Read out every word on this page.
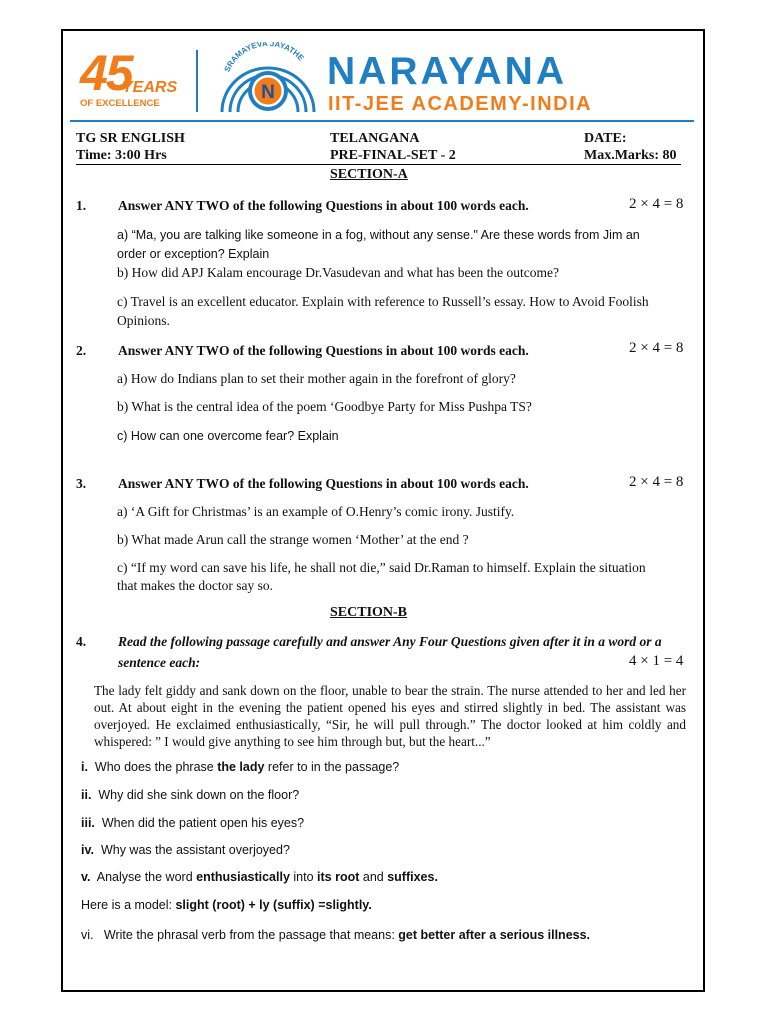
45
YEARS
OF EXCELLENCE
SRAMAYEVA JAYATHE
N NARAYANA
IIT-JEE ACADEMY-INDIA
TG SR ENGLISH
Time: 3:00 Hrs
TELANGANA
PRE-FINAL-SET - 2
DATE:
Max.Marks: 80
SECTION-A
1. Answer ANY TWO of the following Questions in about 100 words each.	2 × 4 = 8
a) “Ma, you are talking like someone in a fog, without any sense." Are these words from Jim an
order or exception? Explain
b) How did APJ Kalam encourage Dr.Vasudevan and what has been the outcome?
c) Travel is an excellent educator. Explain with reference to Russell’s essay. How to Avoid Foolish
Opinions.
2. Answer ANY TWO of the following Questions in about 100 words each.	2 × 4 = 8
a) How do Indians plan to set their mother again in the forefront of glory?
b) What is the central idea of the poem ‘Goodbye Party for Miss Pushpa TS?
c) How can one overcome fear? Explain
3. Answer ANY TWO of the following Questions in about 100 words each.	2 × 4 = 8
a) ‘A Gift for Christmas’ is an example of O.Henry’s comic irony. Justify.
b) What made Arun call the strange women ‘Mother’ at the end ?
c) “If my word can save his life, he shall not die,” said Dr.Raman to himself. Explain the situation
that makes the doctor say so.
SECTION-B
4. Read the following passage carefully and answer Any Four Questions given after it in a word or a
sentence each:	4 × 1 = 4
The lady felt giddy and sank down on the floor, unable to bear the strain. The nurse attended to her and led her out. At about eight in the evening the patient opened his eyes and stirred slightly in bed. The assistant was overjoyed. He exclaimed enthusiastically, “Sir, he will pull through.” The doctor looked at him coldly and whispered: ” I would give anything to see him through but, but the heart...”
i. Who does the phrase the lady refer to in the passage?
ii. Why did she sink down on the floor?
iii. When did the patient open his eyes?
iv. Why was the assistant overjoyed?
v. Analyse the word enthusiastically into its root and suffixes.
Here is a model: slight (root) + ly (suffix) =slightly.
vi.   Write the phrasal verb from the passage that means: get better after a serious illness.
